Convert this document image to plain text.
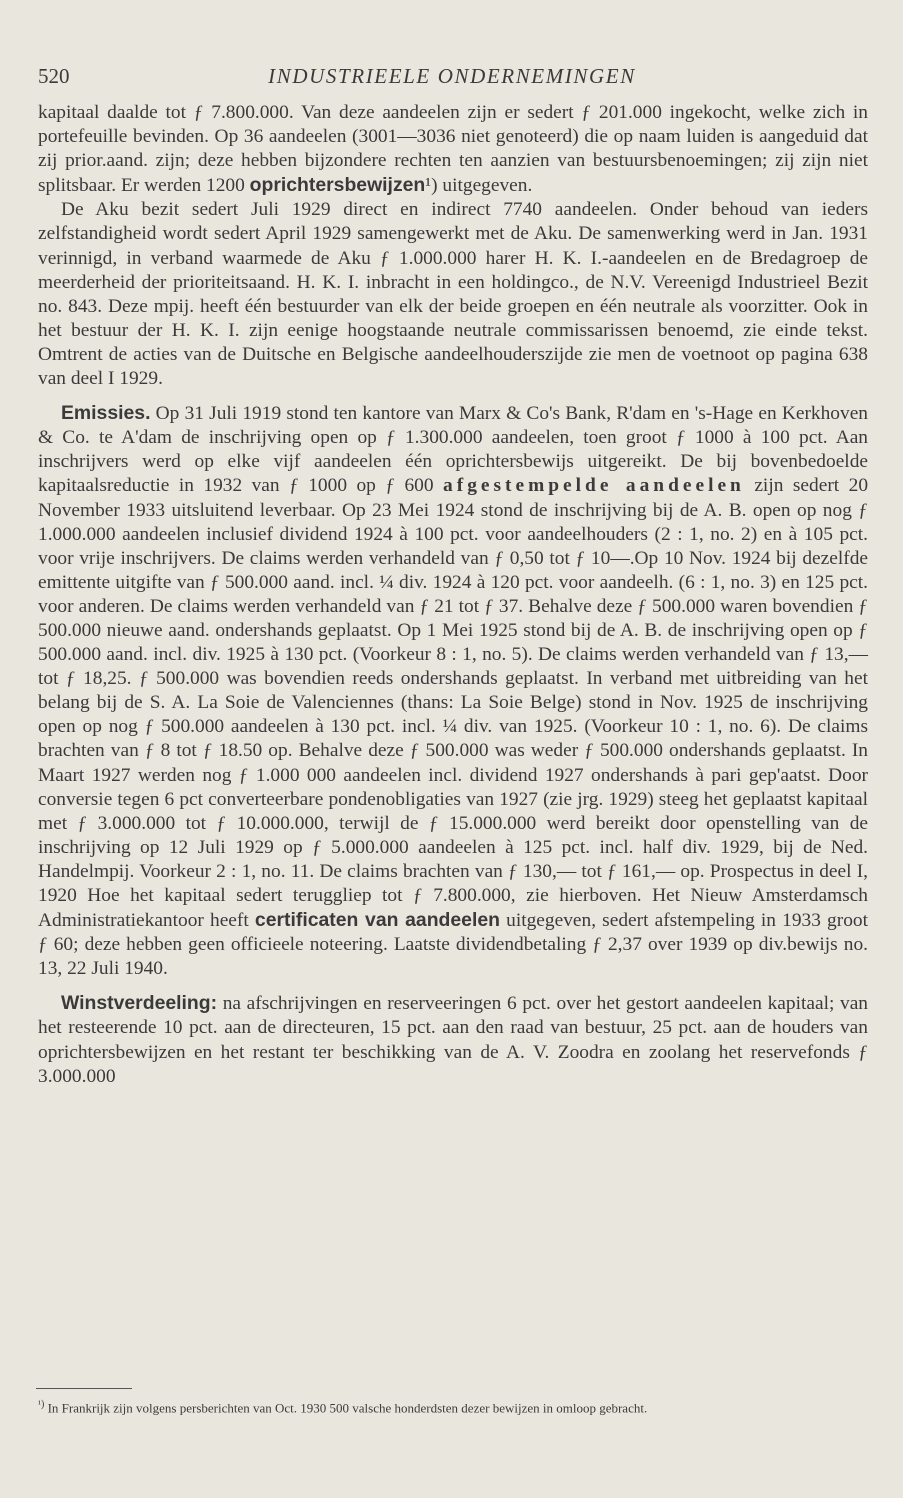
520	INDUSTRIEELE ONDERNEMINGEN

kapitaal daalde tot ƒ 7.800.000. Van deze aandeelen zijn er sedert ƒ 201.000 ingekocht, welke zich in portefeuille bevinden. Op 36 aandeelen (3001—3036 niet genoteerd) die op naam luiden is aangeduid dat zij prior.aand. zijn; deze hebben bijzondere rechten ten aanzien van bestuursbenoemingen; zij zijn niet splitsbaar. Er werden 1200 oprichtersbewijzen¹) uitgegeven.

De Aku bezit sedert Juli 1929 direct en indirect 7740 aandeelen. Onder behoud van ieders zelfstandigheid wordt sedert April 1929 samengewerkt met de Aku. De samenwerking werd in Jan. 1931 verinnigd, in verband waarmede de Aku ƒ 1.000.000 harer H. K. I.-aandeelen en de Bredagroep de meerderheid der prioriteitsaand. H. K. I. inbracht in een holdingco., de N.V. Vereenigd Industrieel Bezit no. 843. Deze mpij. heeft één bestuurder van elk der beide groepen en één neutrale als voorzitter. Ook in het bestuur der H. K. I. zijn eenige hoogstaande neutrale commissarissen benoemd, zie einde tekst. Omtrent de acties van de Duitsche en Belgische aandeelhouderszijde zie men de voetnoot op pagina 638 van deel I 1929.

Emissies. Op 31 Juli 1919 stond ten kantore van Marx & Co's Bank, R'dam en 's-Hage en Kerkhoven & Co. te A'dam de inschrijving open op ƒ 1.300.000 aandeelen, toen groot ƒ 1000 à 100 pct. Aan inschrijvers werd op elke vijf aandeelen één oprichtersbewijs uitgereikt. De bij bovenbedoelde kapitaalsreductie in 1932 van ƒ 1000 op ƒ 600 afgestempelde aandeelen zijn sedert 20 November 1933 uitsluitend leverbaar. Op 23 Mei 1924 stond de inschrijving bij de A. B. open op nog ƒ 1.000.000 aandeelen inclusief dividend 1924 à 100 pct. voor aandeelhouders (2 : 1, no. 2) en à 105 pct. voor vrije inschrijvers. De claims werden verhandeld van ƒ 0,50 tot ƒ 10—.Op 10 Nov. 1924 bij dezelfde emittente uitgifte van ƒ 500.000 aand. incl. ¼ div. 1924 à 120 pct. voor aandeelh. (6 : 1, no. 3) en 125 pct. voor anderen. De claims werden verhandeld van ƒ 21 tot ƒ 37. Behalve deze ƒ 500.000 waren bovendien ƒ 500.000 nieuwe aand. ondershands geplaatst. Op 1 Mei 1925 stond bij de A. B. de inschrijving open op ƒ 500.000 aand. incl. div. 1925 à 130 pct. (Voorkeur 8 : 1, no. 5). De claims werden verhandeld van ƒ 13,— tot ƒ 18,25. ƒ 500.000 was bovendien reeds ondershands geplaatst. In verband met uitbreiding van het belang bij de S. A. La Soie de Valenciennes (thans: La Soie Belge) stond in Nov. 1925 de inschrijving open op nog ƒ 500.000 aandeelen à 130 pct. incl. ¼ div. van 1925. (Voorkeur 10 : 1, no. 6). De claims brachten van ƒ 8 tot ƒ 18.50 op. Behalve deze ƒ 500.000 was weder ƒ 500.000 ondershands geplaatst. In Maart 1927 werden nog ƒ 1.000 000 aandeelen incl. dividend 1927 ondershands à pari gep'aatst. Door conversie tegen 6 pct converteerbare pondenobligaties van 1927 (zie jrg. 1929) steeg het geplaatst kapitaal met ƒ 3.000.000 tot ƒ 10.000.000, terwijl de ƒ 15.000.000 werd bereikt door openstelling van de inschrijving op 12 Juli 1929 op ƒ 5.000.000 aandeelen à 125 pct. incl. half div. 1929, bij de Ned. Handelmpij. Voorkeur 2 : 1, no. 11. De claims brachten van ƒ 130,— tot ƒ 161,— op. Prospectus in deel I, 1920 Hoe het kapitaal sedert teruggliep tot ƒ 7.800.000, zie hierboven. Het Nieuw Amsterdamsch Administratiekantoor heeft certificaten van aandeelen uitgegeven, sedert afstempeling in 1933 groot ƒ 60; deze hebben geen officieele noteering. Laatste dividendbetaling ƒ 2,37 over 1939 op div.bewijs no. 13, 22 Juli 1940.

Winstverdeeling: na afschrijvingen en reserveeringen 6 pct. over het gestort aandeelen kapitaal; van het resteerende 10 pct. aan de directeuren, 15 pct. aan den raad van bestuur, 25 pct. aan de houders van oprichtersbewijzen en het restant ter beschikking van de A. V. Zoodra en zoolang het reservefonds ƒ 3.000.000

$^{^1)}$ In Frankrijk zijn volgens persberichten van Oct. 1930 500 valsche honderdsten dezer bewijzen in omloop gebracht.
